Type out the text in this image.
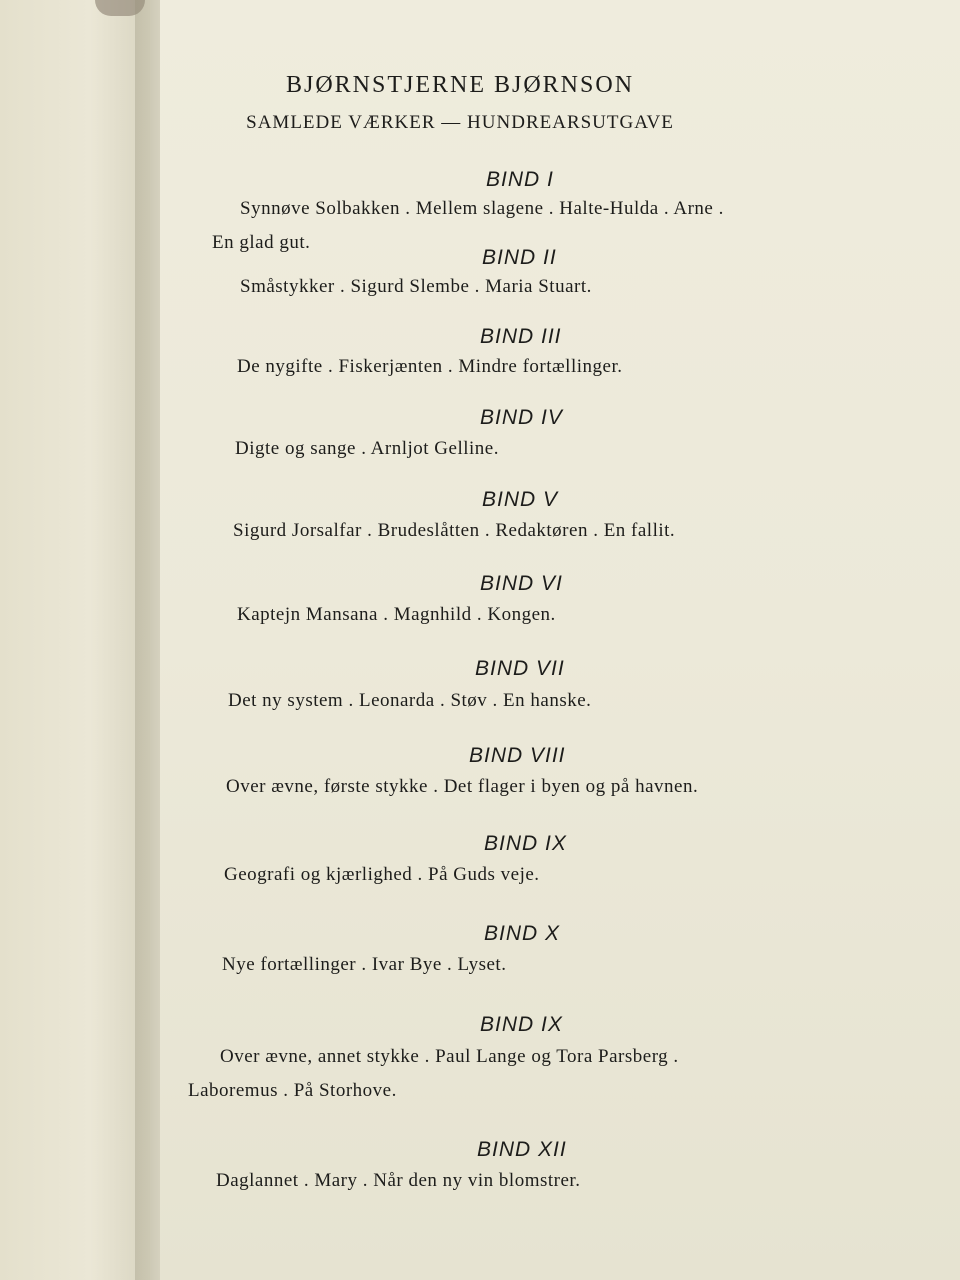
BJØRNSTJERNE BJØRNSON
SAMLEDE VÆRKER — HUNDREARSUTGAVE
BIND I
Synnøve Solbakken . Mellem slagene . Halte-Hulda . Arne .
En glad gut.
BIND II
Småstykker . Sigurd Slembe . Maria Stuart.
BIND III
De nygifte . Fiskerjænten . Mindre fortællinger.
BIND IV
Digte og sange . Arnljot Gelline.
BIND V
Sigurd Jorsalfar . Brudeslåtten . Redaktøren . En fallit.
BIND VI
Kaptejn Mansana . Magnhild . Kongen.
BIND VII
Det ny system . Leonarda . Støv . En hanske.
BIND VIII
Over ævne, første stykke . Det flager i byen og på havnen.
BIND IX
Geografi og kjærlighed . På Guds veje.
BIND X
Nye fortællinger . Ivar Bye . Lyset.
BIND IX
Over ævne, annet stykke . Paul Lange og Tora Parsberg .
Laboremus . På Storhove.
BIND XII
Daglannet . Mary . Når den ny vin blomstrer.
